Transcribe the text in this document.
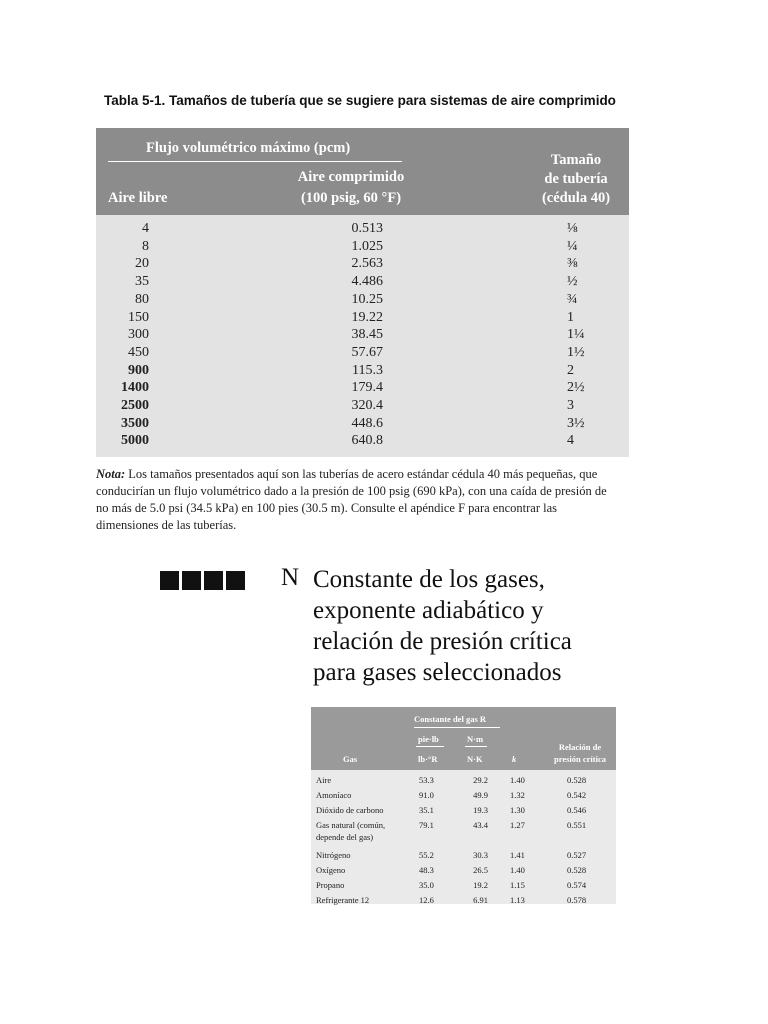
Tabla 5-1. Tamaños de tubería que se sugiere para sistemas de aire comprimido
Flujo volumétrico máximo (pcm)
Aire libre
Aire comprimido
(100 psig, 60 °F)
Tamaño
de tubería
(cédula 40)
4	0.513	⅛
8	1.025	¼
20	2.563	⅜
35	4.486	½
80	10.25	¾
150	19.22	1
300	38.45	1¼
450	57.67	1½
900	115.3	2
1400	179.4	2½
2500	320.4	3
3500	448.6	3½
5000	640.8	4
Nota: Los tamaños presentados aquí son las tuberías de acero estándar cédula 40 más pequeñas, que conducirían un flujo volumétrico dado a la presión de 100 psig (690 kPa), con una caída de presión de no más de 5.0 psi (34.5 kPa) en 100 pies (30.5 m). Consulte el apéndice F para encontrar las dimensiones de las tuberías.
N Constante de los gases,
exponente adiabático y
relación de presión crítica
para gases seleccionados
Constante del gas R
Gas
pie·lb
lb·°R
N·m
N·K	k
Relación de
presión crítica
Aire	53.3	29.2	1.40	0.528
Amoníaco	91.0	49.9	1.32	0.542
Dióxido de carbono	35.1	19.3	1.30	0.546
Gas natural (común,
depende del gas)
79.1	43.4	1.27	0.551
Nitrógeno	55.2	30.3	1.41	0.527
Oxígeno	48.3	26.5	1.40	0.528
Propano	35.0	19.2	1.15	0.574
Refrigerante 12	12.6	6.91	1.13	0.578
